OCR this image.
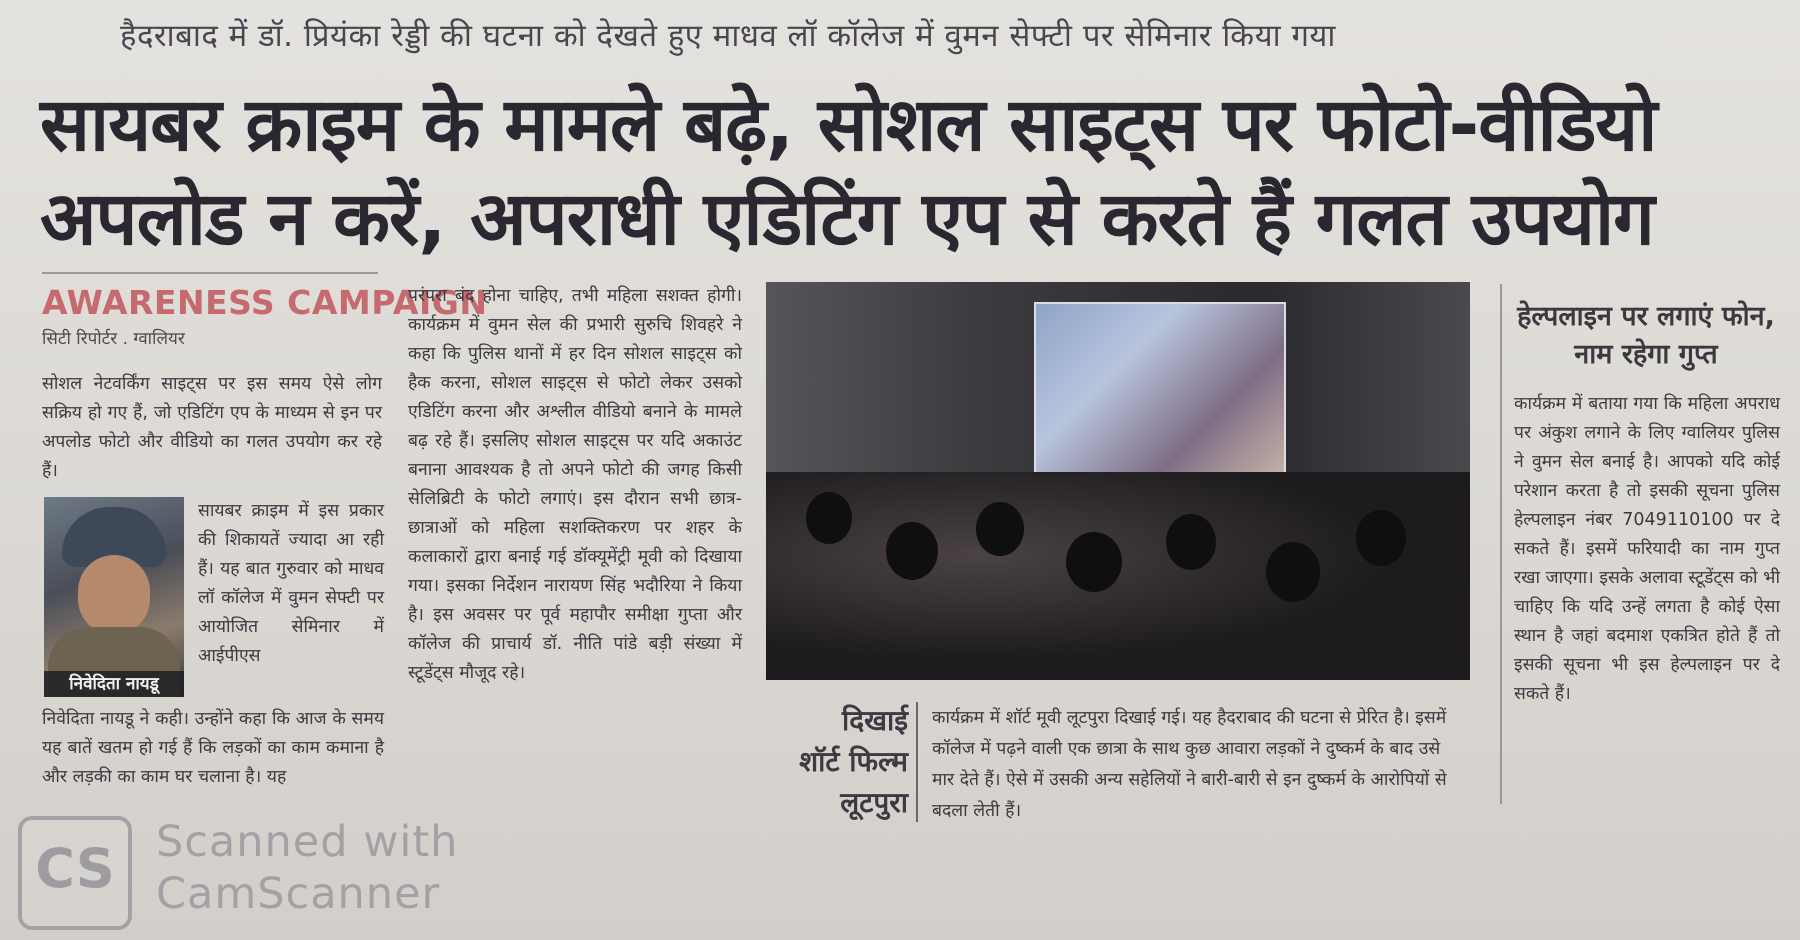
हैदराबाद में डॉ. प्रियंका रेड्डी की घटना को देखते हुए माधव लॉ कॉलेज में वुमन सेफ्टी पर सेमिनार किया गया
सायबर क्राइम के मामले बढ़े, सोशल साइट्स पर फोटो-वीडियो
अपलोड न करें, अपराधी एडिटिंग एप से करते हैं गलत उपयोग
AWARENESS CAMPAIGN
सिटी रिपोर्टर . ग्वालियर
सोशल नेटवर्किंग साइट्स पर इस समय ऐसे लोग सक्रिय हो गए हैं, जो एडिटिंग एप के माध्यम से इन पर अपलोड फोटो और वीडियो का गलत उपयोग कर रहे हैं।
निवेदिता नायडू
सायबर क्राइम में इस प्रकार की शिकायतें ज्यादा आ रही हैं। यह बात गुरुवार को माधव लॉ कॉलेज में वुमन सेफ्टी पर आयोजित सेमिनार में आईपीएस
निवेदिता नायडू ने कही। उन्होंने कहा कि आज के समय यह बातें खतम हो गई हैं कि लड़कों का काम कमाना है और लड़की का काम घर चलाना है। यह
परंपरा बंद होना चाहिए, तभी महिला सशक्त होगी। कार्यक्रम में वुमन सेल की प्रभारी सुरुचि शिवहरे ने कहा कि पुलिस थानों में हर दिन सोशल साइट्स को हैक करना, सोशल साइट्स से फोटो लेकर उसको एडिटिंग करना और अश्लील वीडियो बनाने के मामले बढ़ रहे हैं। इसलिए सोशल साइट्स पर यदि अकाउंट बनाना आवश्यक है तो अपने फोटो की जगह किसी सेलिब्रिटी के फोटो लगाएं। इस दौरान सभी छात्र-छात्राओं को महिला सशक्तिकरण पर शहर के कलाकारों द्वारा बनाई गई डॉक्यूमेंट्री मूवी को दिखाया गया। इसका निर्देशन नारायण सिंह भदौरिया ने किया है। इस अवसर पर पूर्व महापौर समीक्षा गुप्ता और कॉलेज की प्राचार्य डॉ. नीति पांडे बड़ी संख्या में स्टूडेंट्स मौजूद रहे।
हेल्पलाइन पर लगाएं फोन, नाम रहेगा गुप्त
कार्यक्रम में बताया गया कि महिला अपराध पर अंकुश लगाने के लिए ग्वालियर पुलिस ने वुमन सेल बनाई है। आपको यदि कोई परेशान करता है तो इसकी सूचना पुलिस हेल्पलाइन नंबर 7049110100 पर दे सकते हैं। इसमें फरियादी का नाम गुप्त रखा जाएगा। इसके अलावा स्टूडेंट्स को भी चाहिए कि यदि उन्हें लगता है कोई ऐसा स्थान है जहां बदमाश एकत्रित होते हैं तो इसकी सूचना भी इस हेल्पलाइन पर दे सकते हैं।
दिखाई
शॉर्ट फिल्म
लूटपुरा
कार्यक्रम में शॉर्ट मूवी लूटपुरा दिखाई गई। यह हैदराबाद की घटना से प्रेरित है। इसमें कॉलेज में पढ़ने वाली एक छात्रा के साथ कुछ आवारा लड़कों ने दुष्कर्म के बाद उसे मार देते हैं। ऐसे में उसकी अन्य सहेलियों ने बारी-बारी से इन दुष्कर्म के आरोपियों से बदला लेती हैं।
CS Scanned with
CamScanner
